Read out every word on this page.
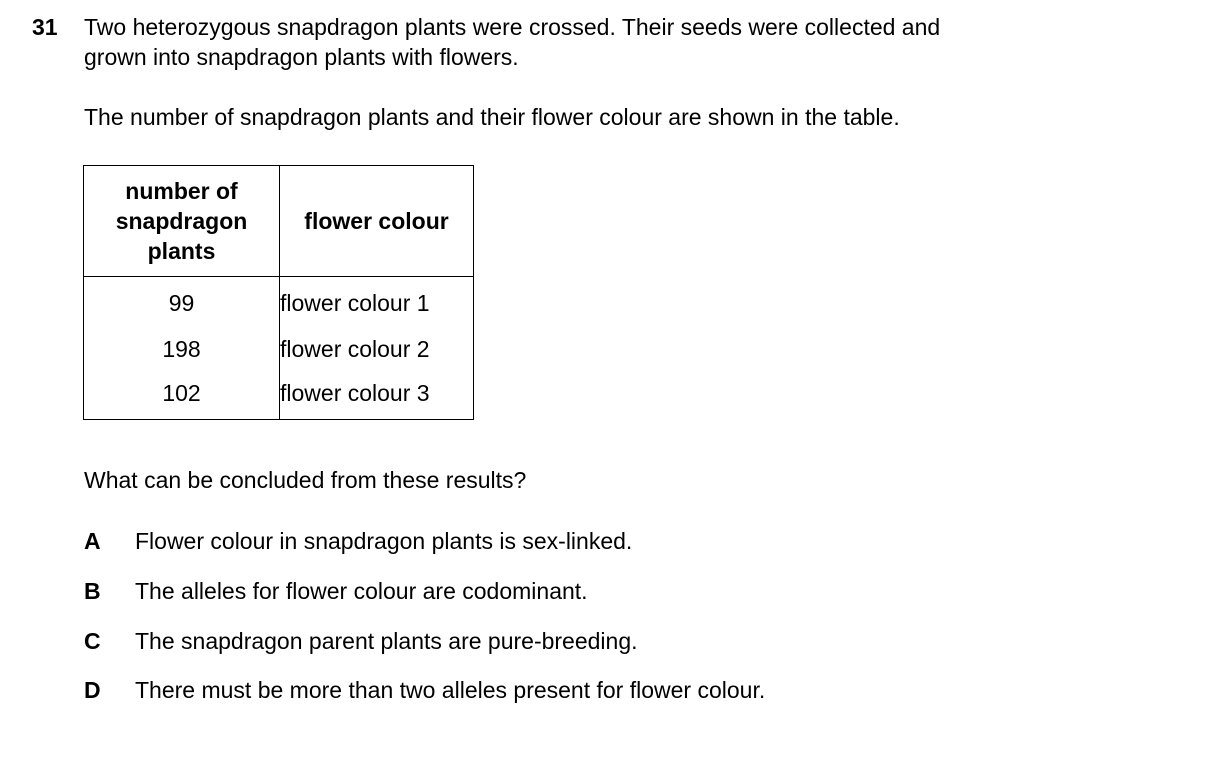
31 Two heterozygous snapdragon plants were crossed. Their seeds were collected and
grown into snapdragon plants with flowers.
The number of snapdragon plants and their flower colour are shown in the table.
number of
snapdragon
plants	flower colour

99	flower colour 1

198	flower colour 2

102	flower colour 3
What can be concluded from these results?
A Flower colour in snapdragon plants is sex-linked.
B The alleles for flower colour are codominant.
C The snapdragon parent plants are pure-breeding.
D There must be more than two alleles present for flower colour.
